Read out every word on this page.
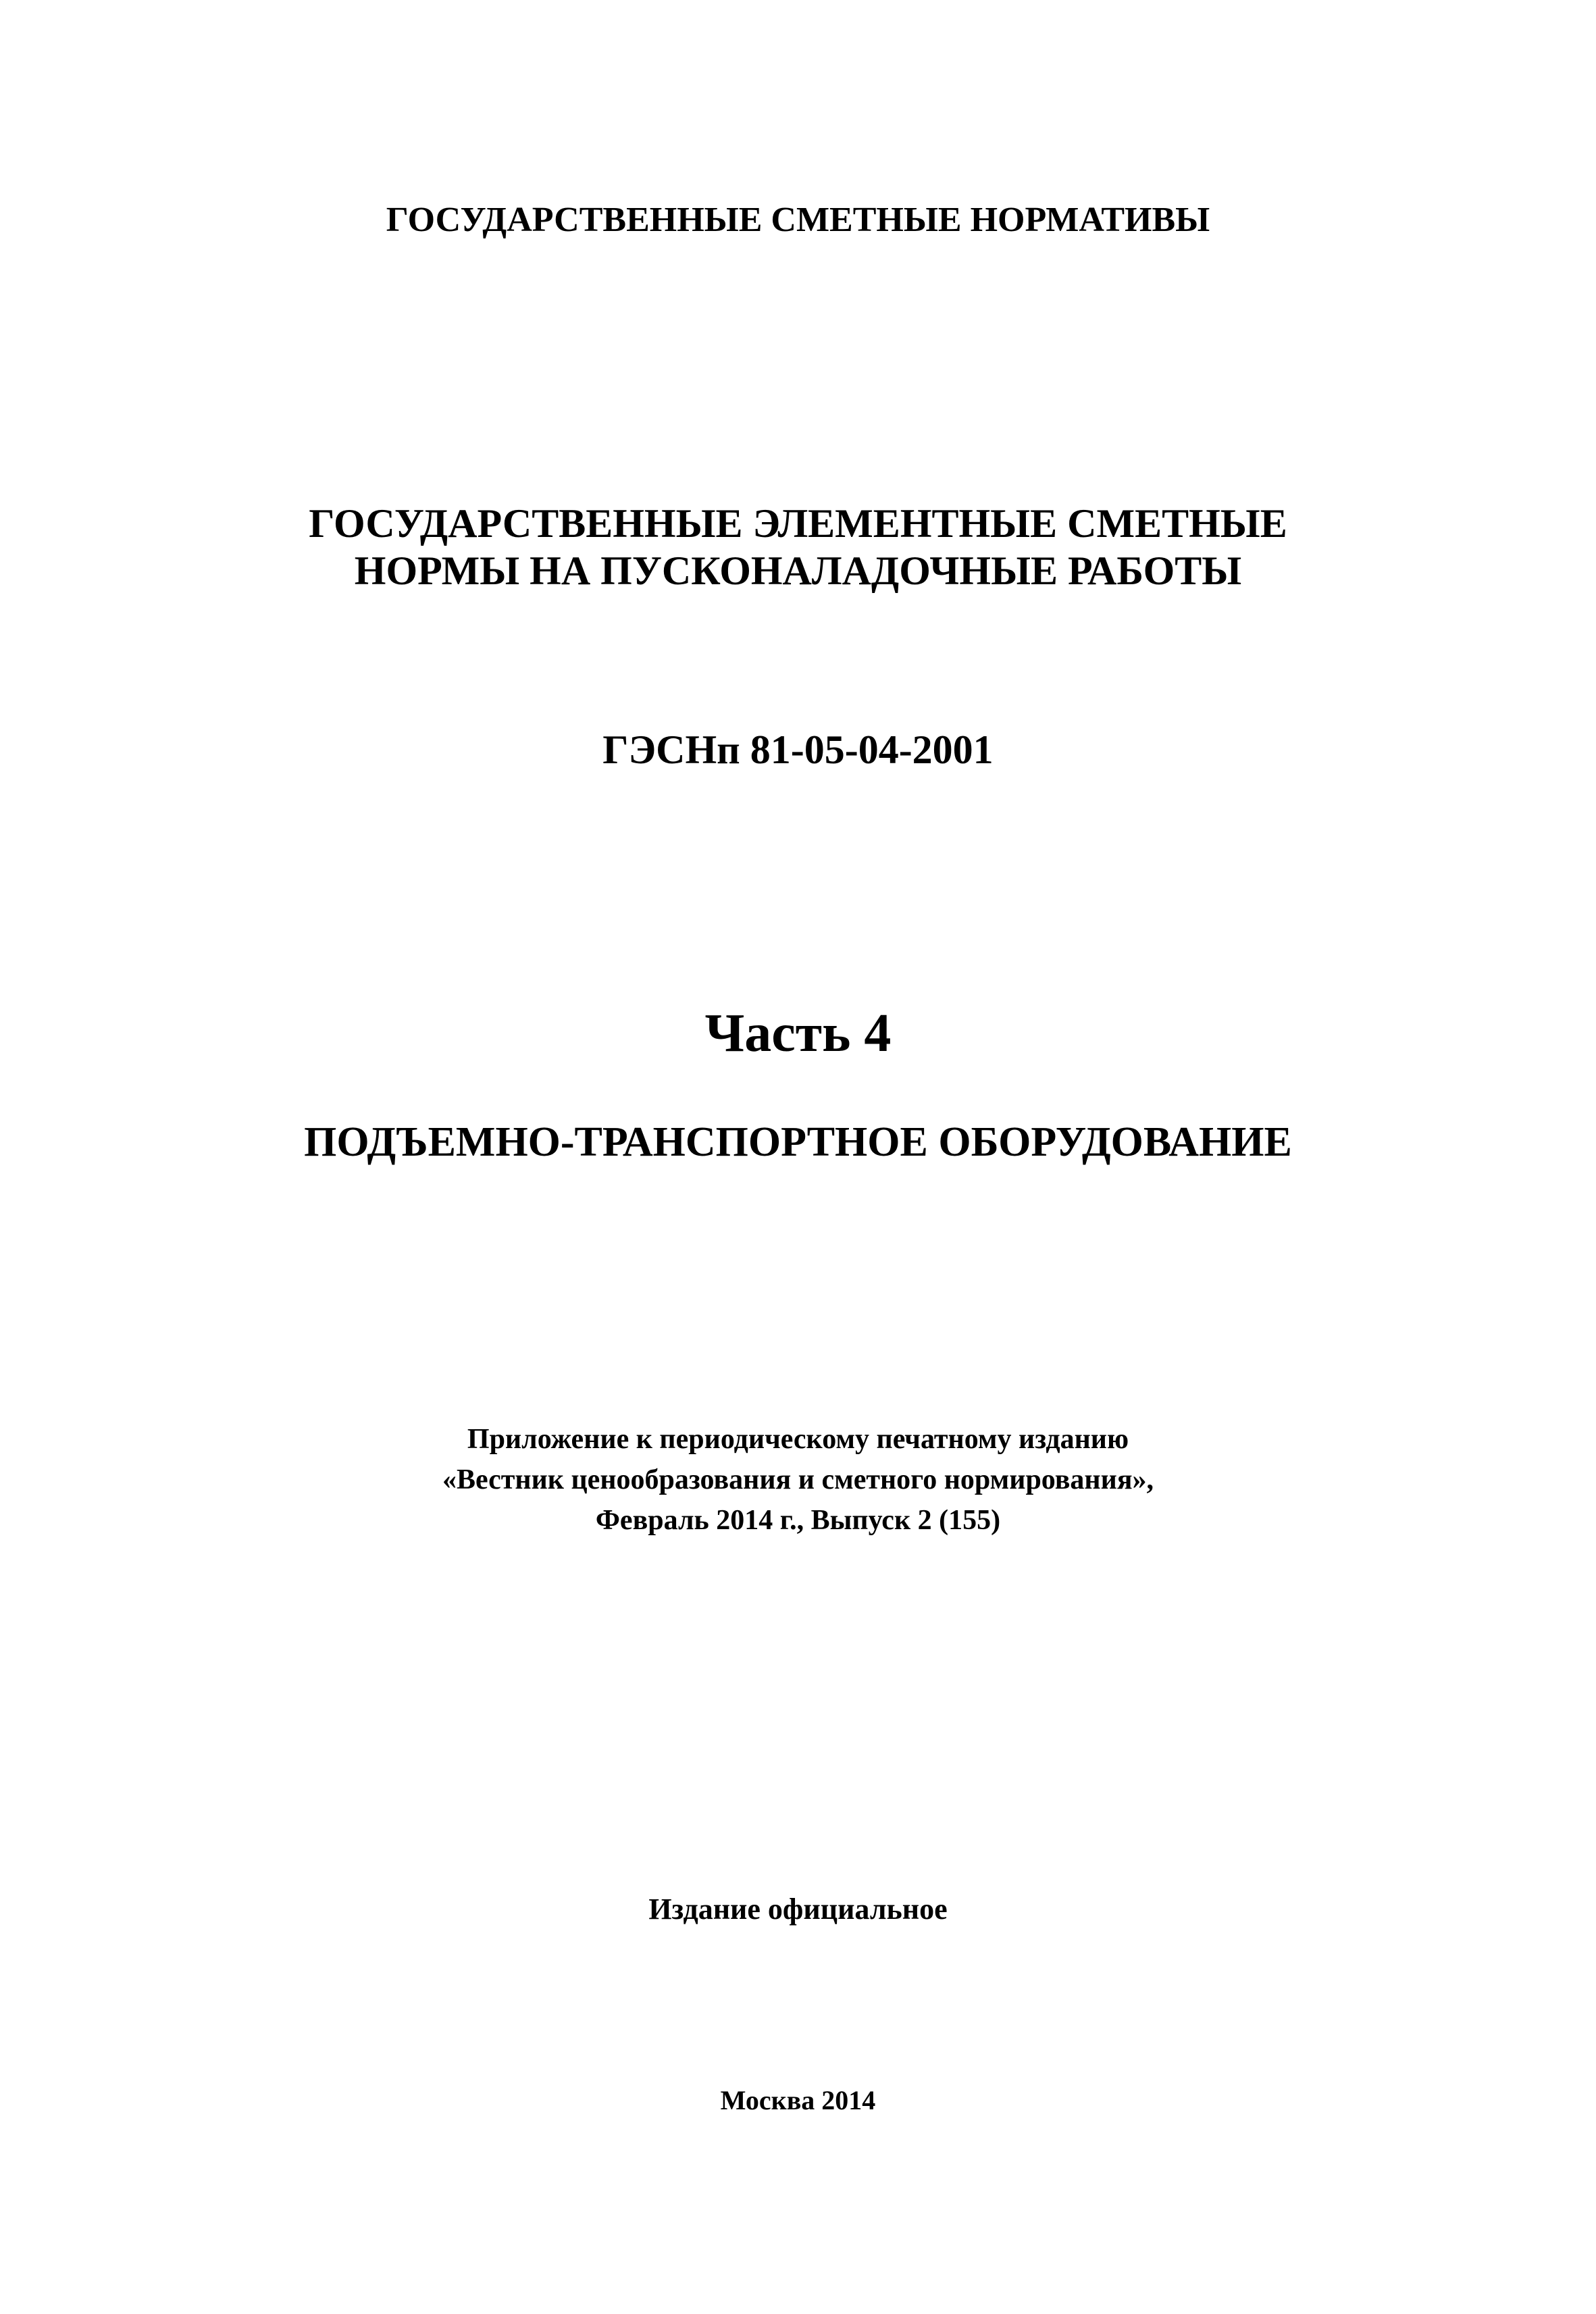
ГОСУДАРСТВЕННЫЕ СМЕТНЫЕ НОРМАТИВЫ

ГОСУДАРСТВЕННЫЕ ЭЛЕМЕНТНЫЕ СМЕТНЫЕ

НОРМЫ НА ПУСКОНАЛАДОЧНЫЕ РАБОТЫ

ГЭСНп 81-05-04-2001

Часть 4

ПОДЪЕМНО-ТРАНСПОРТНОЕ ОБОРУДОВАНИЕ

Приложение к периодическому печатному изданию

«Вестник ценообразования и сметного нормирования»,

Февраль 2014 г., Выпуск 2 (155)

Издание официальное

Москва 2014
